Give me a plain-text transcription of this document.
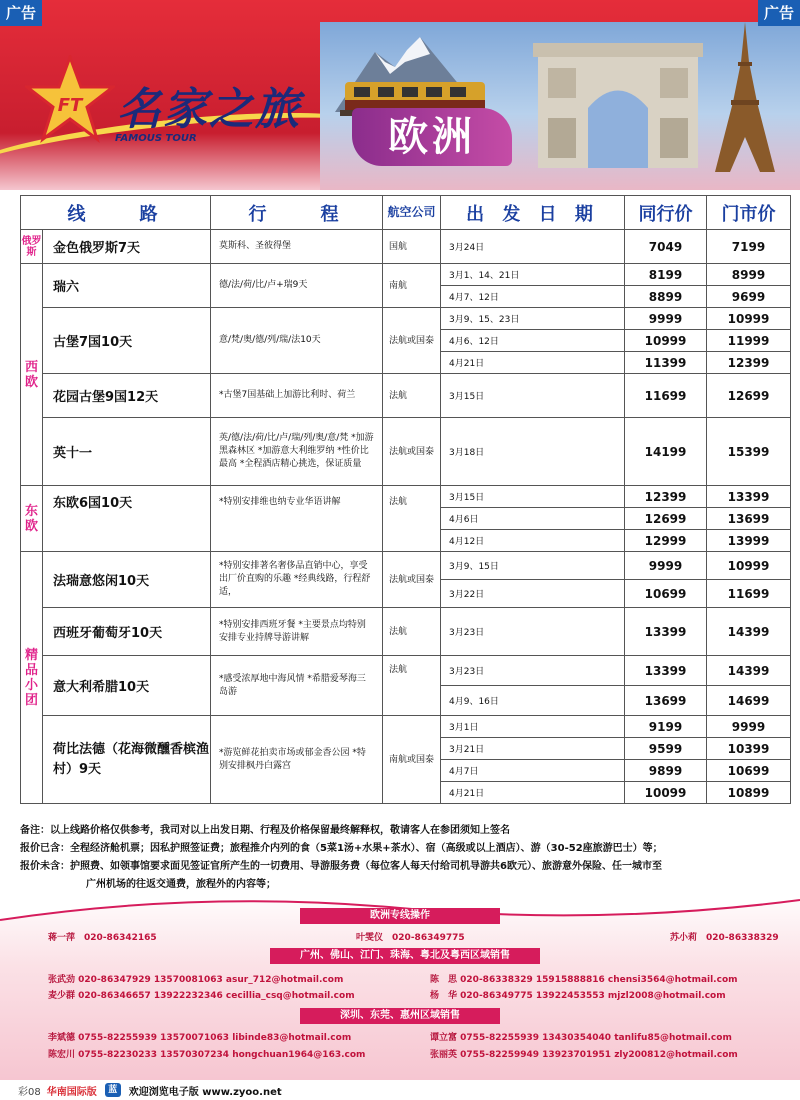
广告	广告
欧洲
FT 名家之旅
FAMOUS TOUR
线　　路		行　　程	航空公司	出 发 日 期	同行价	门市价
俄罗斯	金色俄罗斯7天	莫斯科、圣彼得堡	国航	3月24日	7049	7199
西欧	瑞六	德/法/荷/比/卢+瑞9天	南航	3月1、14、21日	8199	8999
				4月7、12日	8899	9699
	古堡7国10天	意/梵/奥/德/列/瑞/法10天	法航或国泰	3月9、15、23日	9999	10999
				4月6、12日	10999	11999
				4月21日	11399	12399
	花园古堡9国12天	*古堡7国基础上加游比利时、荷兰	法航	3月15日	11699	12699
	英十一	英/德/法/荷/比/卢/瑞/列/奥/意/梵 *加游黑森林区 *加游意大利维罗纳 *性价比最高 *全程酒店精心挑选，保证质量	法航或国泰	3月18日	14199	15399
东欧	东欧6国10天	*特别安排维也纳专业华语讲解	法航	3月15日	12399	13399
				4月6日	12699	13699
				4月12日	12999	13999
精品小团	法瑞意悠闲10天	*特别安排著名奢侈品直销中心，享受出厂价直购的乐趣 *经典线路，行程舒适，	法航或国泰	3月9、15日	9999	10999
				3月22日	10699	11699
	西班牙葡萄牙10天	*特别安排西班牙餐 *主要景点均特别安排专业持牌导游讲解	法航	3月23日	13399	14399
	意大利希腊10天	*感受浓厚地中海风情 *希腊爱琴海三岛游	法航	3月23日	13399	14399
				4月9、16日	13699	14699
	荷比法德（花海微醺香槟渔村）9天	*游览鲜花拍卖市场或郁金香公园 *特别安排枫丹白露宫	南航或国泰	3月1日	9199	9999
				3月21日	9599	10399
				4月7日	9899	10699
				4月21日	10099	10899
备注：以上线路价格仅供参考，我司对以上出发日期、行程及价格保留最终解释权，敬请客人在参团须知上签名
报价已含：全程经济舱机票；因私护照签证费；旅程推介内列的食（5菜1汤+水果+茶水）、宿（高级或以上酒店）、游（30-52座旅游巴士）等；
报价未含：护照费、如领事馆要求面见签证官所产生的一切费用、导游服务费（每位客人每天付给司机导游共6欧元）、旅游意外保险、任一城市至
广州机场的往返交通费，旅程外的内容等；
欧洲专线操作
蒋一萍　 020-86342165	叶雯仪　 020-86349775	苏小莉　 020-86338329
广州、佛山、江门、珠海、粤北及粤西区域销售
张武劲 020-86347929 13570081063 asur_712@hotmail.com
麦少群 020-86346657 13922232346 cecillia_csq@hotmail.com
陈　思 020-86338329 15915888816 chensi3564@hotmail.com
杨　华 020-86349775 13922453553 mjzl2008@hotmail.com
深圳、东莞、惠州区域销售
李斌德 0755-82255939 13570071063 libinde83@hotmail.com
陈宏川 0755-82230233 13570307234 hongchuan1964@163.com
谭立富 0755-82255939 13430354040 tanlifu85@hotmail.com
张丽英 0755-82259949 13923701951 zly200812@hotmail.com
彩08 华南国际版	蓝	欢迎浏览电子版 www.zyoo.net
